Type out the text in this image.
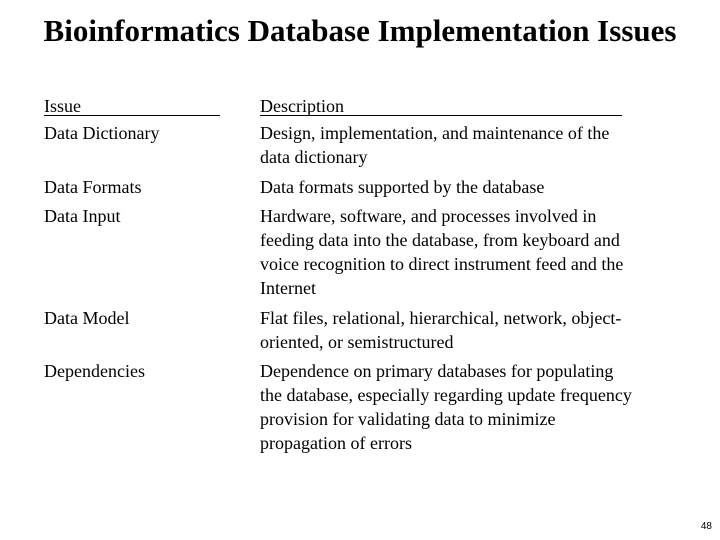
Bioinformatics Database Implementation Issues
Issue	Description
Data Dictionary	Design, implementation, and maintenance of the
data dictionary
Data Formats	Data formats supported by the database
Data Input	Hardware, software, and processes involved in
feeding data into the database, from keyboard and
voice recognition to direct instrument feed and the
Internet
Data Model	Flat files, relational, hierarchical, network, object-
oriented, or semistructured
Dependencies	Dependence on primary databases for populating
the database, especially regarding update frequency
provision for validating data to minimize
propagation of errors
48
